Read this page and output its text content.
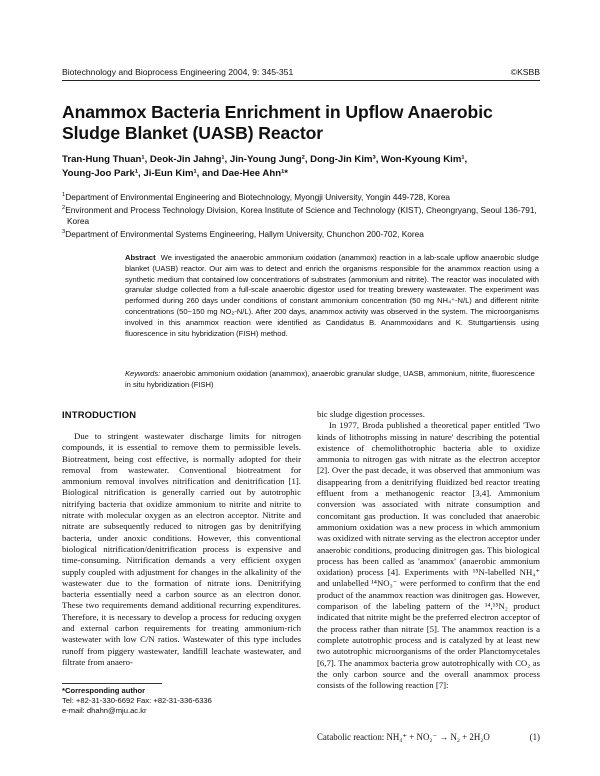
Biotechnology and Bioprocess Engineering 2004, 9: 345-351	©KSBB
Anammox Bacteria Enrichment in Upflow Anaerobic Sludge Blanket (UASB) Reactor
Tran-Hung Thuan¹, Deok-Jin Jahng¹, Jin-Young Jung², Dong-Jin Kim³, Won-Kyoung Kim¹,
Young-Joo Park¹, Ji-Eun Kim¹, and Dae-Hee Ahn¹*
$^1$Department of Environmental Engineering and Biotechnology, Myongji University, Yongin 449-728, Korea
$^2$Environment and Process Technology Division, Korea Institute of Science and Technology (KIST), Cheongryang, Seoul 136-791, Korea
$^3$Department of Environmental Systems Engineering, Hallym University, Chunchon 200-702, Korea
Abstract We investigated the anaerobic ammonium oxidation (anammox) reaction in a lab-scale upflow anaerobic sludge blanket (UASB) reactor. Our aim was to detect and enrich the organisms responsible for the anammox reaction using a synthetic medium that contained low concentrations of substrates (ammonium and nitrite). The reactor was inoculated with granular sludge collected from a full-scale anaerobic digestor used for treating brewery wastewater. The experiment was performed during 260 days under conditions of constant ammonium concentration (50 mg NH₄⁺-N/L) and different nitrite concentrations (50~150 mg NO₂-N/L). After 200 days, anammox activity was observed in the system. The microorganisms involved in this anammox reaction were identified as Candidatus B. Anammoxidans and K. Stuttgartiensis using fluorescence in situ hybridization (FISH) method.
Keywords: anaerobic ammonium oxidation (anammox), anaerobic granular sludge, UASB, ammonium, nitrite, fluorescence in situ hybridization (FISH)
INTRODUCTION

Due to stringent wastewater discharge limits for nitrogen compounds, it is essential to remove them to permissible levels. Biotreatment, being cost effective, is normally adopted for their removal from wastewater. Conventional biotreatment for ammonium removal involves nitrification and denitrification [1]. Biological nitrification is generally carried out by autotrophic nitrifying bacteria that oxidize ammonium to nitrite and nitrite to nitrate with molecular oxygen as an electron acceptor. Nitrite and nitrate are subsequently reduced to nitrogen gas by denitrifying bacteria, under anoxic conditions. However, this conventional biological nitrification/denitrification process is expensive and time-consuming. Nitrification demands a very efficient oxygen supply coupled with adjustment for changes in the alkalinity of the wastewater due to the formation of nitrate ions. Denitrifying bacteria essentially need a carbon source as an electron donor. These two requirements demand additional recurring expenditures. Therefore, it is necessary to develop a process for reducing oxygen and external carbon requirements for treating ammonium-rich wastewater with low C/N ratios. Wastewater of this type includes runoff from piggery wastewater, landfill leachate wastewater, and filtrate from anaero-

bic sludge digestion processes.

In 1977, Broda published a theoretical paper entitled 'Two kinds of lithotrophs missing in nature' describing the potential existence of chemolithotrophic bacteria able to oxidize ammonia to nitrogen gas with nitrate as the electron acceptor [2]. Over the past decade, it was observed that ammonium was disappearing from a denitrifying fluidized bed reactor treating effluent from a methanogenic reactor [3,4]. Ammonium conversion was associated with nitrate consumption and concomitant gas production. It was concluded that anaerobic ammonium oxidation was a new process in which ammonium was oxidized with nitrate serving as the electron acceptor under anaerobic conditions, producing dinitrogen gas. This biological process has been called as 'anammox' (anaerobic ammonium oxidation) process [4]. Experiments with ¹⁵N-labelled NH₄⁺ and unlabelled ¹⁴NO₃⁻ were performed to confirm that the end product of the anammox reaction was dinitrogen gas. However, comparison of the labeling pattern of the ¹⁴,¹⁵N₂ product indicated that nitrite might be the preferred electron acceptor of the process rather than nitrate [5]. The anammox reaction is a complete autotrophic process and is catalyzed by at least new two autotrophic microorganisms of the order Planctomycetales [6,7]. The anammox bacteria grow autotrophically with CO₂ as the only carbon source and the overall anammox process consists of the following reaction [7]:

*Corresponding author
Tel: +82-31-330-6692 Fax: +82-31-336-6336
e-mail: dhahn@mju.ac.kr
Catabolic reaction: NH₄⁺ + NO₂⁻ → N₂ + 2H₂O	(1)
